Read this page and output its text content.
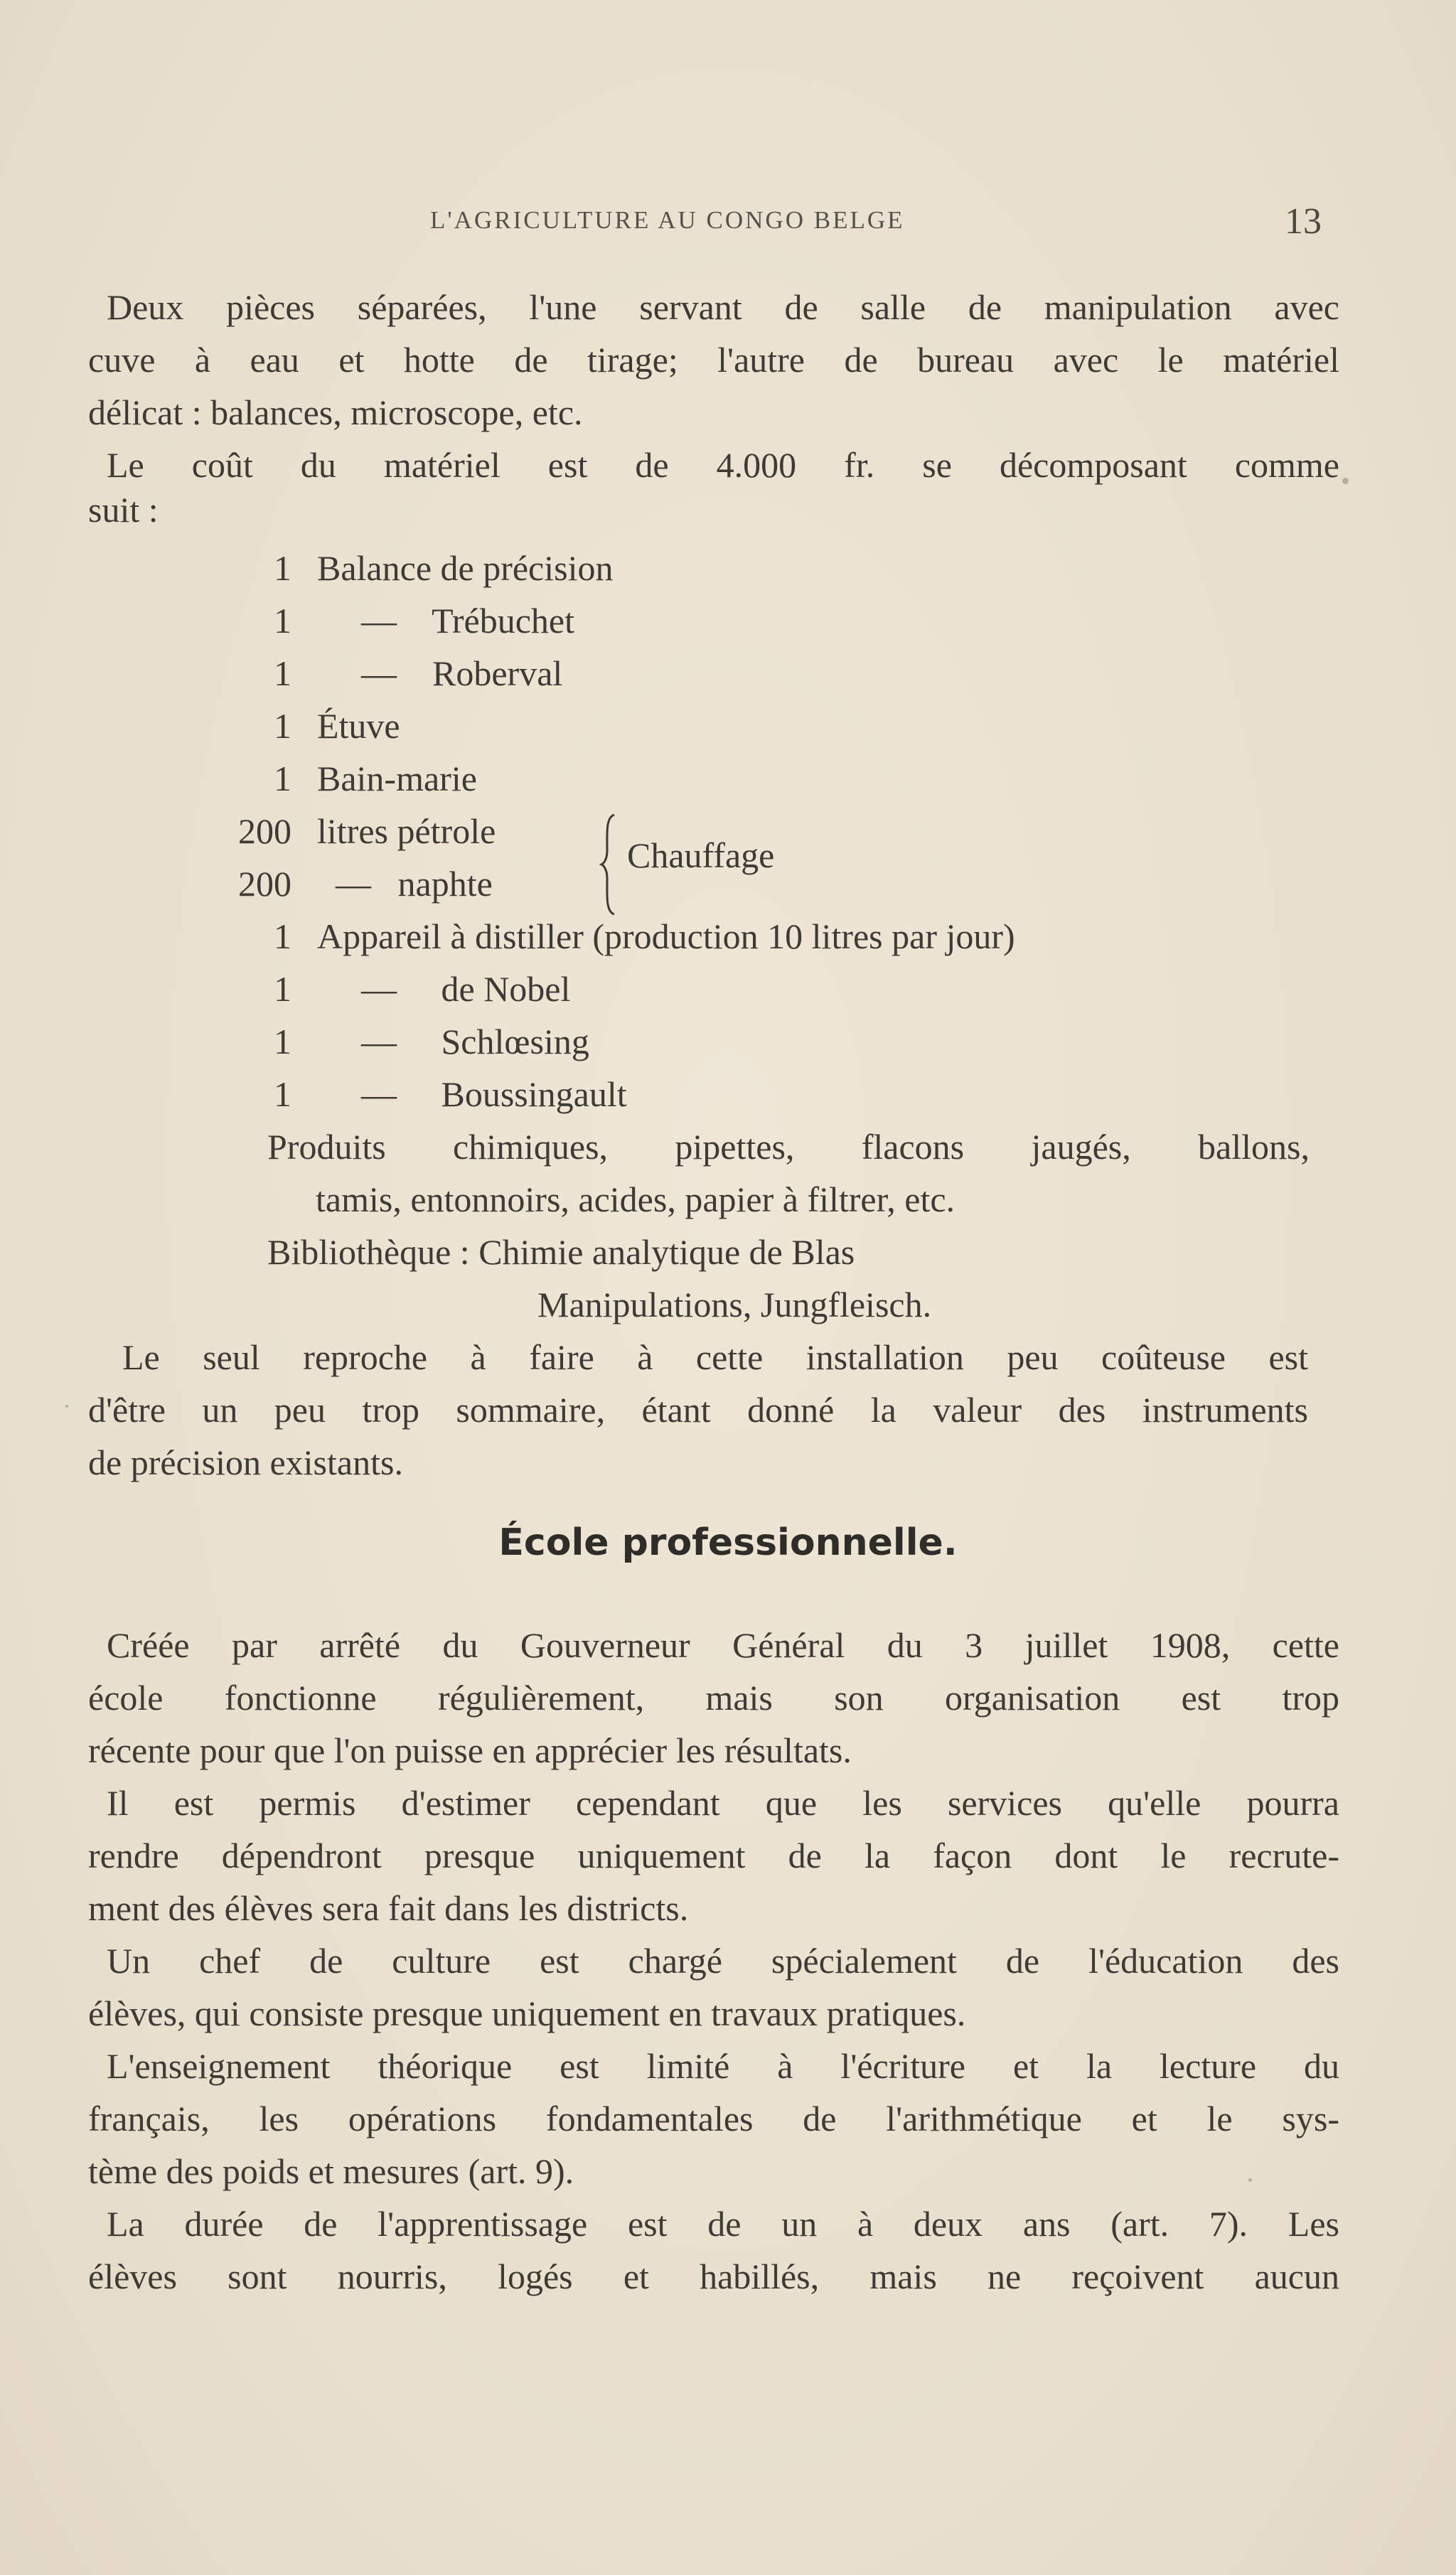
L'AGRICULTURE AU CONGO BELGE	13
Deux pièces séparées, l'une servant de salle de manipulation avec
cuve à eau et hotte de tirage; l'autre de bureau avec le matériel
délicat : balances, microscope, etc.
Le coût du matériel est de 4.000 fr. se décomposant comme
suit :
1 Balance de précision
1 —    Trébuchet
1 —    Roberval
1 Étuve
1 Bain-marie
200 litres pétrole
200 —   naphte
Chauffage
1 Appareil à distiller (production 10 litres par jour)
1 —     de Nobel
1 —     Schlœsing
1 —     Boussingault
Produits chimiques, pipettes, flacons jaugés, ballons,
tamis, entonnoirs, acides, papier à filtrer, etc.
Bibliothèque : Chimie analytique de Blas
Manipulations, Jungfleisch.
Le seul reproche à faire à cette installation peu coûteuse est
d'être un peu trop sommaire, étant donné la valeur des instruments
de précision existants.
École professionnelle.
Créée par arrêté du Gouverneur Général du 3 juillet 1908, cette
école fonctionne régulièrement, mais son organisation est trop
récente pour que l'on puisse en apprécier les résultats.
Il est permis d'estimer cependant que les services qu'elle pourra
rendre dépendront presque uniquement de la façon dont le recrute-
ment des élèves sera fait dans les districts.
Un chef de culture est chargé spécialement de l'éducation des
élèves, qui consiste presque uniquement en travaux pratiques.
L'enseignement théorique est limité à l'écriture et la lecture du
français, les opérations fondamentales de l'arithmétique et le sys-
tème des poids et mesures (art. 9).
La durée de l'apprentissage est de un à deux ans (art. 7). Les
élèves sont nourris, logés et habillés, mais ne reçoivent aucun
